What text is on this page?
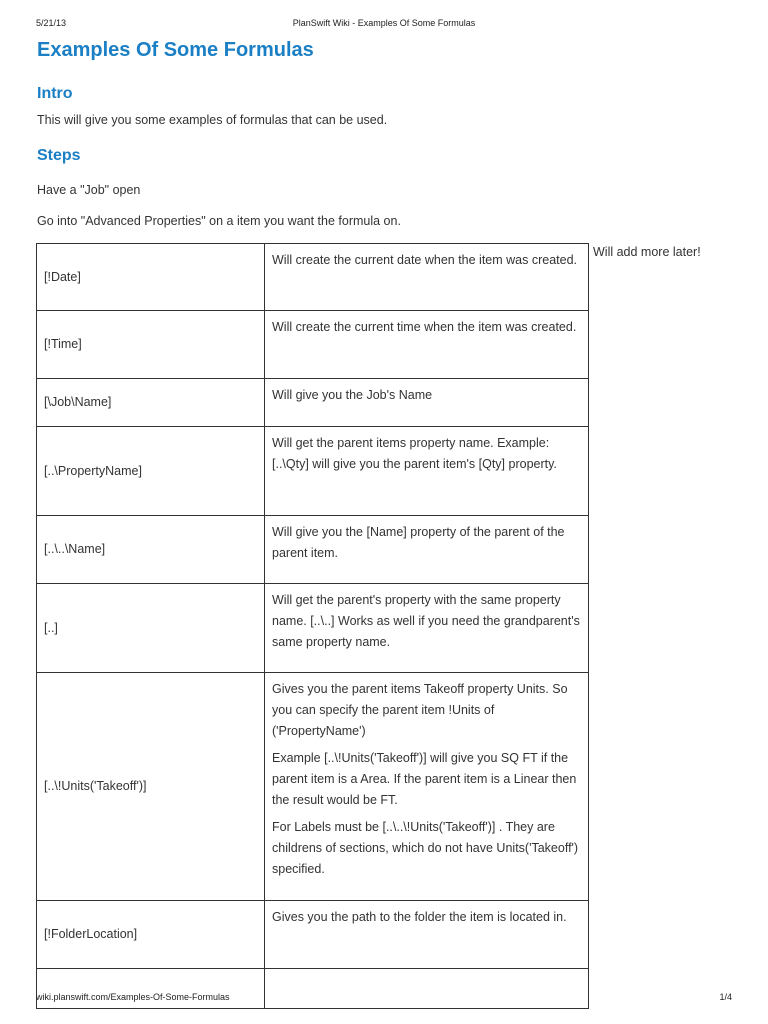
5/21/13	PlanSwift Wiki - Examples Of Some Formulas
Examples Of Some Formulas
Intro

This will give you some examples of formulas that can be used.

Steps

Have a "Job" open

Go into "Advanced Properties" on a item you want the formula on.

[!Date]	Will create the current date when the item was created.

[!Time]	Will create the current time when the item was created.

[\Job\Name]	Will give you the Job's Name

[..\PropertyName]	Will get the parent items property name. Example: [..\Qty] will give you the parent item's [Qty] property.

[..\..\Name]	Will give you the [Name] property of the parent of the parent item.

[..]	Will get the parent's property with the same property name. [..\..] Works as well if you need the grandparent's same property name.

[..\!Units('Takeoff')]	Gives you the parent items Takeoff property Units. So you can specify the parent item !Units of ('PropertyName')

Example [..\!Units('Takeoff')] will give you SQ FT if the parent item is a Area. If the parent item is a Linear then the result would be FT.

For Labels must be [..\..\!Units('Takeoff')] . They are childrens of sections, which do not have Units('Takeoff') specified.

[!FolderLocation]	Gives you the path to the folder the item is located in.

Will add more later!
wiki.planswift.com/Examples-Of-Some-Formulas	1/4
